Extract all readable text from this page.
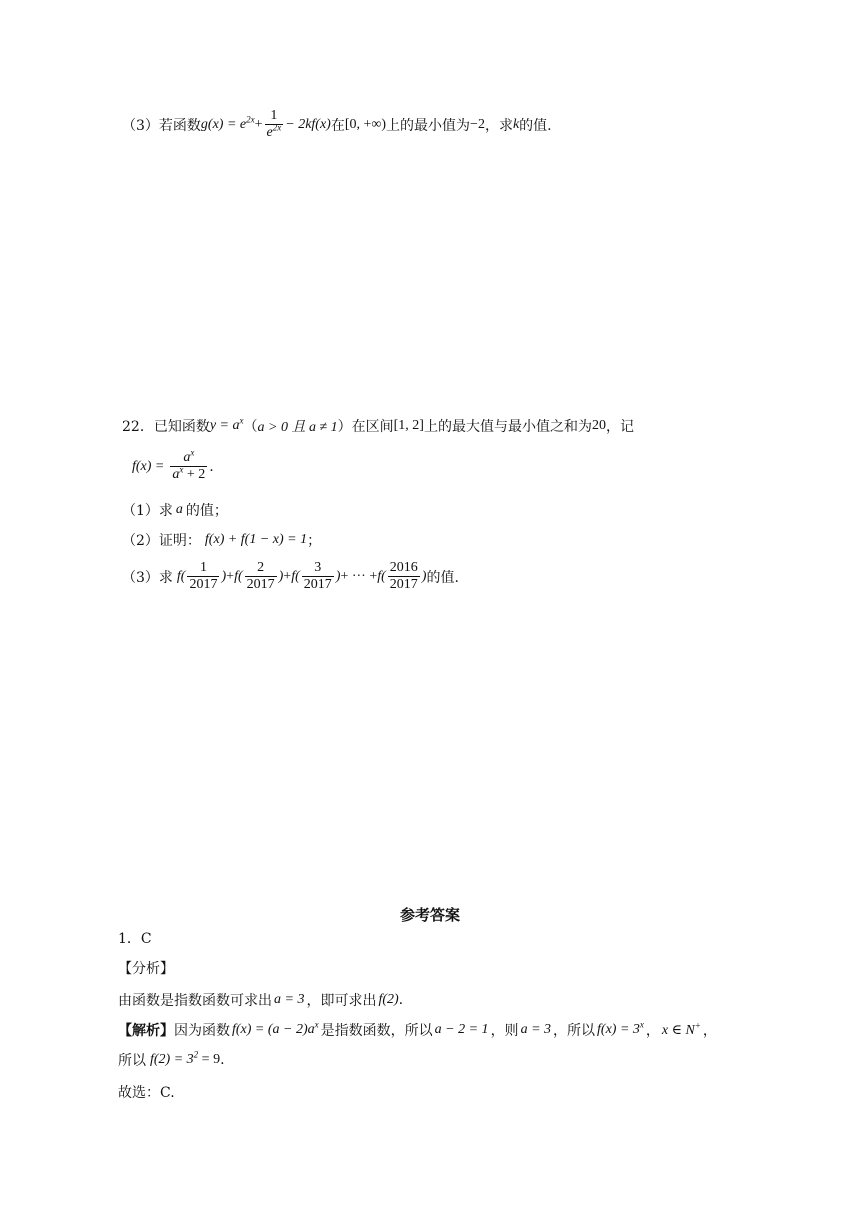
（3）若函数 $g(x) = e^{2x} + \frac{1}{e^{2x}} - 2kf(x)$ 在 [0, +∞) 上的最小值为 −2 ，求 k 的值.
22．已知函数 $y = a^x$ （ a > 0 且 a ≠ 1 ）在区间 [1, 2] 上的最大值与最小值之和为 20 ，记
$f(x) = \frac{a^x}{a^x + 2}$ .
（1）求 a 的值；
（2）证明： f(x) + f(1 − x) = 1 ；
（3）求 $f( \frac{1}{2017}$ ) + $f( \frac{2}{2017}$ ) + $f( \frac{3}{2017}$ ) + ··· + $f( \frac{2016}{2017}$ ) 的值.
参考答案
1．C
【分析】
由函数是指数函数可求出 a = 3 ，即可求出 f(2) .
【解析】 因为函数 $f(x) = (a - 2)a^x$ 是指数函数，所以 a − 2 = 1 ，则 a = 3 ，所以 $f(x) = 3^x$ ， x ∈ N+ ，
所以 $f(2) = 3^2 = 9$ .
故选：C.
